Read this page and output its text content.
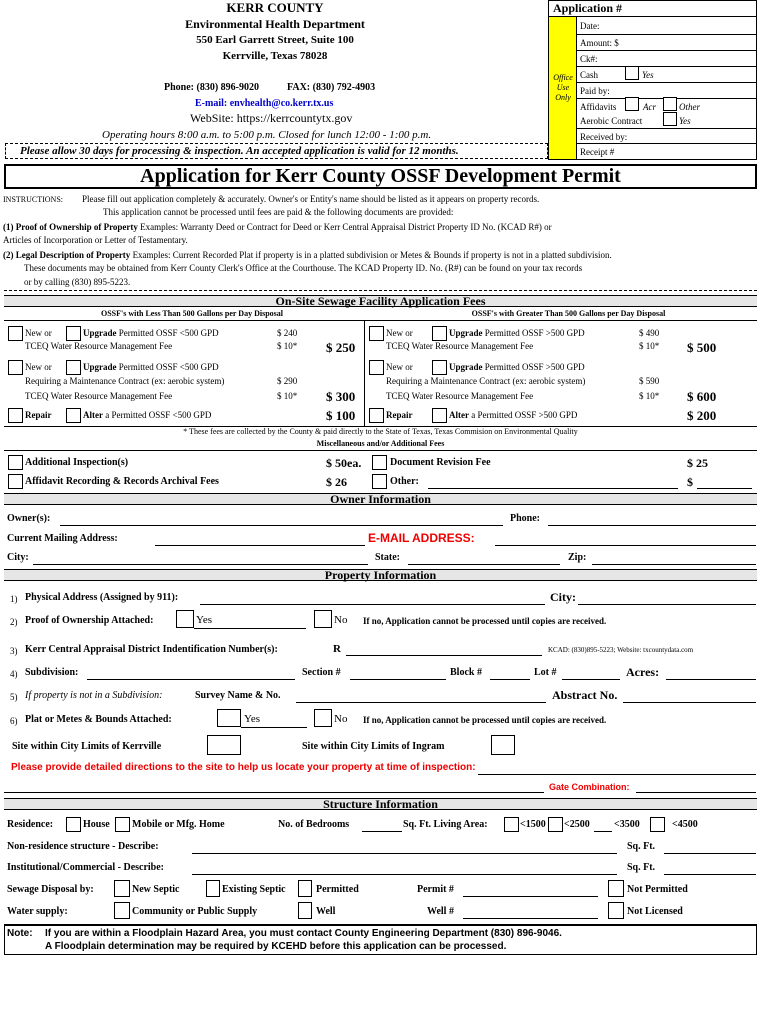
KERR COUNTY
Environmental Health Department
550 Earl Garrett Street, Suite 100
Kerrville, Texas 78028
Phone: (830) 896-9020	FAX: (830) 792-4903
E-mail: envhealth@co.kerr.tx.us
WebSite: https://kerrcountytx.gov
Operating hours 8:00 a.m. to 5:00 p.m. Closed for lunch 12:00 - 1:00 p.m.
Please allow 30 days for processing & inspection. An accepted application is valid for 12 months.
Application #
Office
Use
Only
Date:
Amount: $
Ck#:
Cash	Yes
Paid by:
Affidavits	Acr	Other
Aerobic Contract	Yes
Received by:
Receipt #
Application for Kerr County OSSF Development Permit
INSTRUCTIONS: Please fill out application completely & accurately. Owner's or Entity's name should be listed as it appears on property records.
This application cannot be processed until fees are paid & the following documents are provided:
(1) Proof of Ownership of Property Examples: Warranty Deed or Contract for Deed or Kerr Central Appraisal District Property ID No. (KCAD R#) or
Articles of Incorporation or Letter of Testamentary.
(2) Legal Description of Property Examples: Current Recorded Plat if property is in a platted subdivision or Metes & Bounds if property is not in a platted subdivision.
These documents may be obtained from Kerr County Clerk's Office at the Courthouse. The KCAD Property ID. No. (R#) can be found on your tax records
or by calling (830) 895-5223.
On-Site Sewage Facility Application Fees
OSSF's with Less Than 500 Gallons per Day Disposal	OSSF's with Greater Than 500 Gallons per Day Disposal
New or	Upgrade Permitted OSSF <500 GPD
TCEQ Water Resource Management Fee
$ 240
$ 10* $ 250
New or	Upgrade Permitted OSSF <500 GPD
Requiring a Maintenance Contract (ex: aerobic system)
TCEQ Water Resource Management Fee
$ 290
$ 10* $ 300
Repair	Alter a Permitted OSSF <500 GPD	$ 100
New or	Upgrade Permitted OSSF >500 GPD
TCEQ Water Resource Management Fee
$ 490
$ 10* $ 500
New or	Upgrade Permitted OSSF >500 GPD
Requiring a Maintenance Contract (ex: aerobic system)
TCEQ Water Resource Management Fee
$ 590
$ 10* $ 600
Repair	Alter a Permitted OSSF >500 GPD	$ 200
* These fees are collected by the County & paid directly to the State of Texas, Texas Commision on Environmental Quality
Miscellaneous and/or Additional Fees
Additional Inspection(s)	$ 50ea.	Document Revision Fee	$ 25
Affidavit Recording & Records Archival Fees	$ 26	Other:	$
Owner Information
Owner(s):	Phone:
Current Mailing Address:	E-MAIL ADDRESS:
City:	State:	Zip:
Property Information
1) Physical Address (Assigned by 911):	City:
2) Proof of Ownership Attached:	Yes	No If no, Application cannot be processed until copies are received.
3) Kerr Central Appraisal District Indentification Number(s):	R	KCAD: (830)895-5223; Website: txcountydata.com
4) Subdivision:	Section #	Block #	Lot #	Acres:
5) If property is not in a Subdivision:	Survey Name & No.	Abstract No.
6) Plat or Metes & Bounds Attached:	Yes	No If no, Application cannot be processed until copies are received.
Site within City Limits of Kerrville	Site within City Limits of Ingram
Please provide detailed directions to the site to help us locate your property at time of inspection:
Gate Combination:
Structure Information
Residence:	House Mobile or Mfg. Home	No. of Bedrooms	Sq. Ft. Living Area:	<1500 <2500 <3500	<4500
Non-residence structure - Describe:	Sq. Ft.
Institutional/Commercial - Describe:	Sq. Ft.
Sewage Disposal by:	New Septic	Existing Septic	Permitted	Permit #	Not Permitted
Water supply:	Community or Public Supply	Well	Well #	Not Licensed
Note: If you are within a Floodplain Hazard Area, you must contact County Engineering Department (830) 896-9046.
A Floodplain determination may be required by KCEHD before this application can be processed.
